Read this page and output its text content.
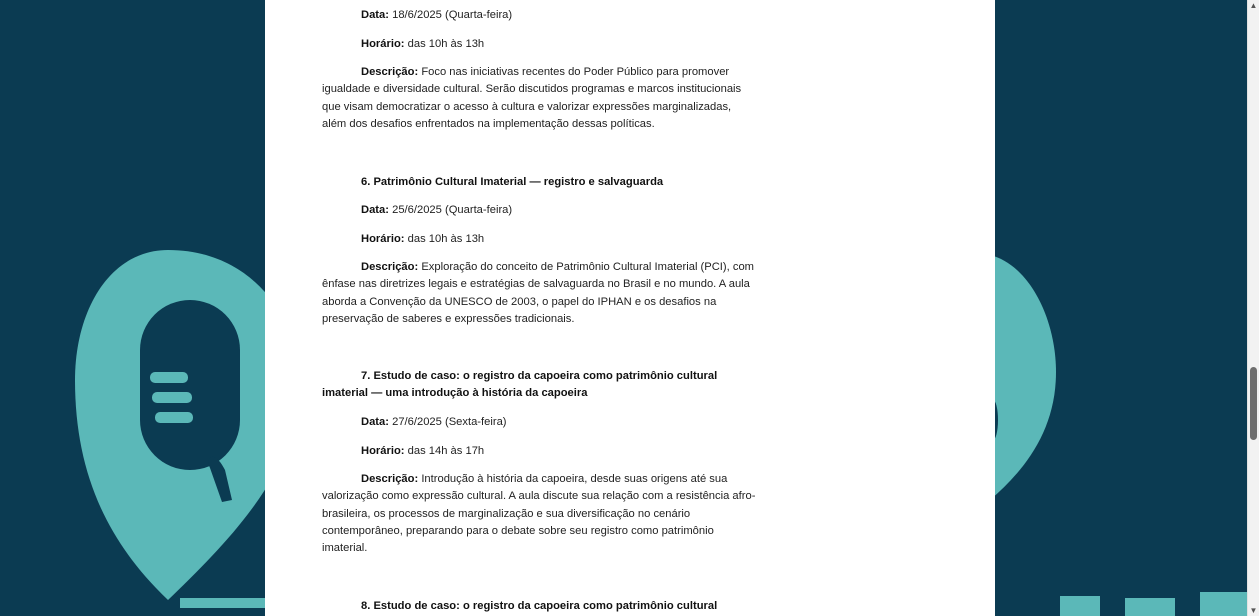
Data: 18/6/2025 (Quarta-feira)
Horário: das 10h às 13h
Descrição: Foco nas iniciativas recentes do Poder Público para promover igualdade e diversidade cultural. Serão discutidos programas e marcos institucionais que visam democratizar o acesso à cultura e valorizar expressões marginalizadas, além dos desafios enfrentados na implementação dessas políticas.
6. Patrimônio Cultural Imaterial — registro e salvaguarda
Data: 25/6/2025 (Quarta-feira)
Horário: das 10h às 13h
Descrição: Exploração do conceito de Patrimônio Cultural Imaterial (PCI), com ênfase nas diretrizes legais e estratégias de salvaguarda no Brasil e no mundo. A aula aborda a Convenção da UNESCO de 2003, o papel do IPHAN e os desafios na preservação de saberes e expressões tradicionais.
7. Estudo de caso: o registro da capoeira como patrimônio cultural imaterial — uma introdução à história da capoeira
Data: 27/6/2025 (Sexta-feira)
Horário: das 14h às 17h
Descrição: Introdução à história da capoeira, desde suas origens até sua valorização como expressão cultural. A aula discute sua relação com a resistência afro-brasileira, os processos de marginalização e sua diversificação no cenário contemporâneo, preparando para o debate sobre seu registro como patrimônio imaterial.
8. Estudo de caso: o registro da capoeira como patrimônio cultural
▲
▼
